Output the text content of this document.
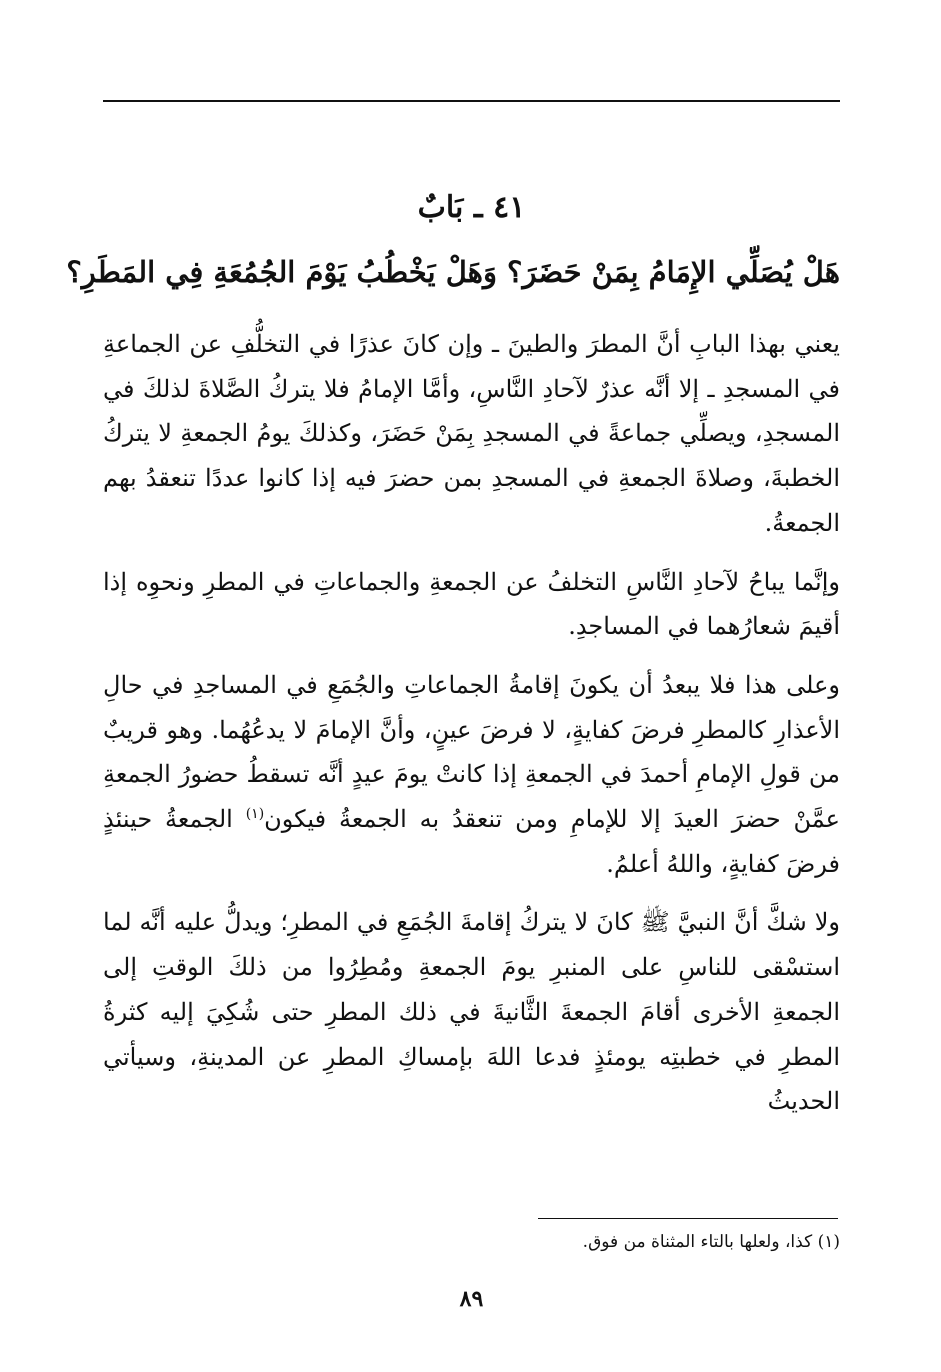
٤١ ـ بَابٌ
هَلْ يُصَلِّي الإِمَامُ بِمَنْ حَضَرَ؟ وَهَلْ يَخْطُبُ يَوْمَ الجُمُعَةِ فِي المَطَرِ؟

يعني بهذا البابِ أنَّ المطرَ والطينَ ـ وإن كانَ عذرًا في التخلُّفِ عن الجماعةِ في المسجدِ ـ إلا أنَّه عذرٌ لآحادِ النَّاسِ، وأمَّا الإمامُ فلا يتركُ الصَّلاةَ لذلكَ في المسجدِ، ويصلِّي جماعةً في المسجدِ بِمَنْ حَضَرَ، وكذلكَ يومُ الجمعةِ لا يتركُ الخطبةَ، وصلاةَ الجمعةِ في المسجدِ بمن حضرَ فيه إذا كانوا عددًا تنعقدُ بهم الجمعةُ.

وإنَّما يباحُ لآحادِ النَّاسِ التخلفُ عن الجمعةِ والجماعاتِ في المطرِ ونحوِه إذا أقيمَ شعارُهما في المساجدِ.

وعلى هذا فلا يبعدُ أن يكونَ إقامةُ الجماعاتِ والجُمَعِ في المساجدِ في حالِ الأعذارِ كالمطرِ فرضَ كفايةٍ، لا فرضَ عينٍ، وأنَّ الإمامَ لا يدعُهُما. وهو قريبٌ من قولِ الإمامِ أحمدَ في الجمعةِ إذا كانتْ يومَ عيدٍ أنَّه تسقطُ حضورُ الجمعةِ عمَّنْ حضرَ العيدَ إلا للإمامِ ومن تنعقدُ به الجمعةُ فيكون$^{(١)}$ الجمعةُ حينئذٍ فرضَ كفايةٍ، واللهُ أعلمُ.

ولا شكَّ أنَّ النبيَّ ﷺ كانَ لا يتركُ إقامةَ الجُمَعِ في المطرِ؛ ويدلُّ عليه أنَّه لما استسْقى للناسِ على المنبرِ يومَ الجمعةِ ومُطِرُوا من ذلكَ الوقتِ إلى الجمعةِ الأخرى أقامَ الجمعةَ الثَّانيةَ في ذلك المطرِ حتى شُكِيَ إليه كثرةُ المطرِ في خطبتِه يومئذٍ فدعا اللهَ بإمساكِ المطرِ عن المدينةِ، وسيأتي الحديثُ

(١) كذا، ولعلها بالتاء المثناة من فوق.
٨٩
